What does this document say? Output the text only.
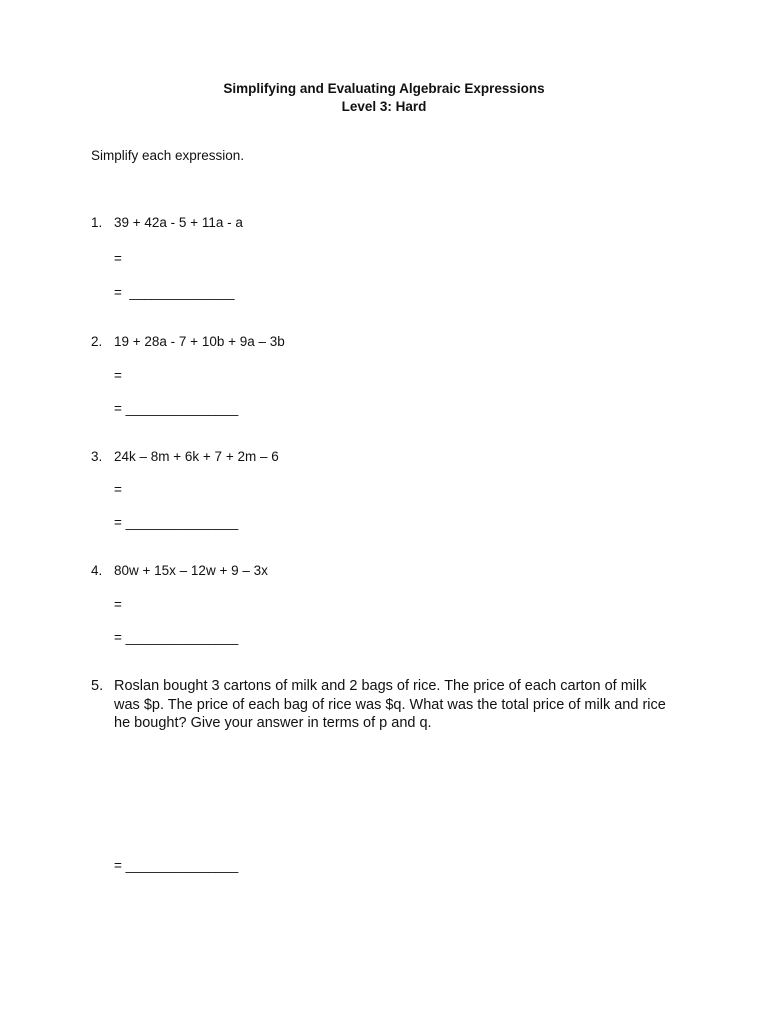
Simplifying and Evaluating Algebraic Expressions
Level 3: Hard
Simplify each expression.
1. 39 + 42a - 5 + 11a - a
=
=  ______________
2. 19 + 28a - 7 + 10b + 9a – 3b
=
= _______________
3. 24k – 8m + 6k + 7 + 2m – 6
=
= _______________
4. 80w + 15x – 12w + 9 – 3x
=
= _______________
5. Roslan bought 3 cartons of milk and 2 bags of rice. The price of each carton of milk was $p. The price of each bag of rice was $q. What was the total price of milk and rice he bought? Give your answer in terms of p and q.
= _______________
